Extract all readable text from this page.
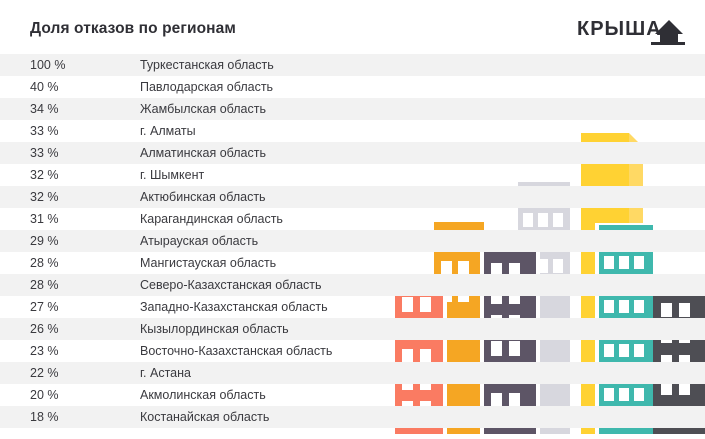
Доля отказов по регионам	КРЫША
100 %	Туркестанская область
40 %	Павлодарская область
34 %	Жамбылская область
33 %	г. Алматы
33 %	Алматинская область
32 %	г. Шымкент
32 %	Актюбинская область
31 %	Карагандинская область
29 %	Атырауская область
28 %	Мангистауская область
28 %	Северо-Казахстанская область
27 %	Западно-Казахстанская область
26 %	Кызылординская область
23 %	Восточно-Казахстанская область
22 %	г. Астана
20 %	Акмолинская область
18 %	Костанайская область
